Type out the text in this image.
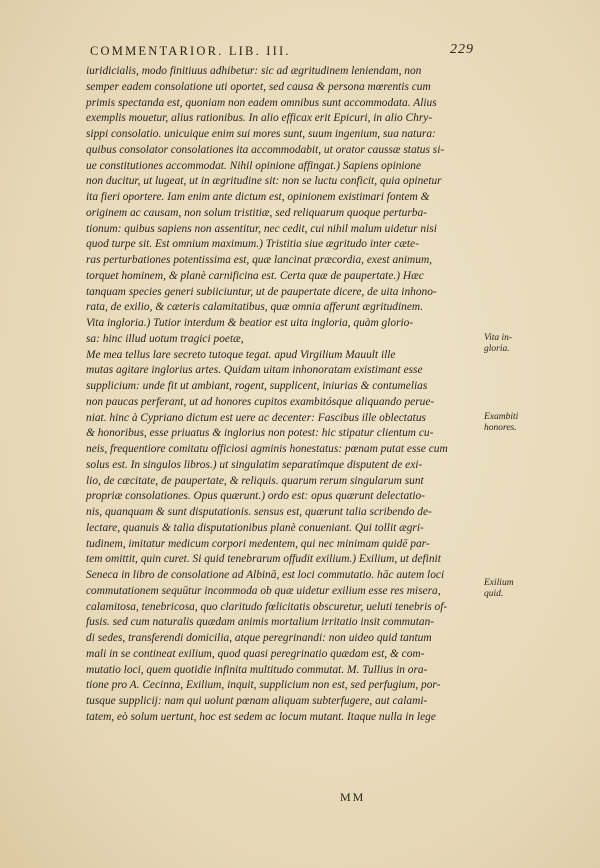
COMMENTARIOR. LIB. III.	229
iuridicialis, modo finitiuus adhibetur: sic ad ægritudinem leniendam, non
semper eadem consolatione uti oportet, sed causa & persona mœrentis cum
primis spectanda est, quoniam non eadem omnibus sunt accommodata. Alius
exemplis mouetur, alius rationibus. In alio efficax erit Epicuri, in alio Chry-
sippi consolatio. unicuique enim sui mores sunt, suum ingenium, sua natura:
quibus consolator consolationes ita accommodabit, ut orator caussæ status si-
ue constitutiones accommodat. Nihil opinione affingat.) Sapiens opinione
non ducitur, ut lugeat, ut in ægritudine sit: non se luctu conficit, quia opinetur
ita fieri oportere. Iam enim ante dictum est, opinionem existimari fontem &
originem ac causam, non solum tristitiæ, sed reliquarum quoque perturba-
tionum: quibus sapiens non assentitur, nec cedit, cui nihil malum uidetur nisi
quod turpe sit. Est omnium maximum.) Tristitia siue ægritudo inter cæte-
ras perturbationes potentissima est, quæ lancinat præcordia, exest animum,
torquet hominem, & planè carnificina est. Certa quæ de paupertate.) Hæc
tanquam species generi subiiciuntur, ut de paupertate dicere, de uita inhono-
rata, de exilio, & cæteris calamitatibus, quæ omnia afferunt ægritudinem.
Vita ingloria.) Tutior interdum & beatior est uita ingloria, quàm glorio-
sa: hinc illud uotum tragici poetæ,
Me mea tellus lare secreto tutoque tegat. apud Virgilium Mauult ille
mutas agitare inglorius artes. Quidam uitam inhonoratam existimant esse
supplicium: unde fit ut ambiant, rogent, supplicent, iniurias & contumelias
non paucas perferant, ut ad honores cupitos exambitósque aliquando perue-
niat. hinc à Cypriano dictum est uere ac decenter: Fascibus ille oblectatus
& honoribus, esse priuatus & inglorius non potest: hic stipatur clientum cu-
neis, frequentiore comitatu officiosi agminis honestatus: pœnam putat esse cum
solus est. In singulos libros.) ut singulatim separatímque disputent de exi-
lio, de cæcitate, de paupertate, & reliquis. quarum rerum singularum sunt
propriæ consolationes. Opus quærunt.) ordo est: opus quærunt delectatio-
nis, quanquam & sunt disputationis. sensus est, quærunt talia scribendo de-
lectare, quanuis & talia disputationibus planè conueniant. Qui tollit ægri-
tudinem, imitatur medicum corpori medentem, qui nec minimam quidē par-
tem omittit, quin curet. Si quid tenebrarum offudit exilium.) Exilium, ut definit
Seneca in libro de consolatione ad Albinā, est loci commutatio. hāc autem loci
commutationem sequūtur incommoda ob quæ uidetur exilium esse res misera,
calamitosa, tenebricosa, quo claritudo fœlicitatis obscuretur, ueluti tenebris of-
fusis. sed cum naturalis quædam animis mortalium irritatio insit commutan-
di sedes, transferendi domicilia, atque peregrinandi: non uideo quid tantum
mali in se contineat exilium, quod quasi peregrinatio quædam est, & com-
mutatio loci, quem quotidie infinita multitudo commutat. M. Tullius in ora-
tione pro A. Cecinna, Exilium, inquit, supplicium non est, sed perfugium, por-
tusque supplicij: nam qui uolunt pœnam aliquam subterfugere, aut calami-
tatem, eò solum uertunt, hoc est sedem ac locum mutant. Itaque nulla in lege
Vita in-
gloria.
Exambiti
honores.
Exilium
quid.
MM
